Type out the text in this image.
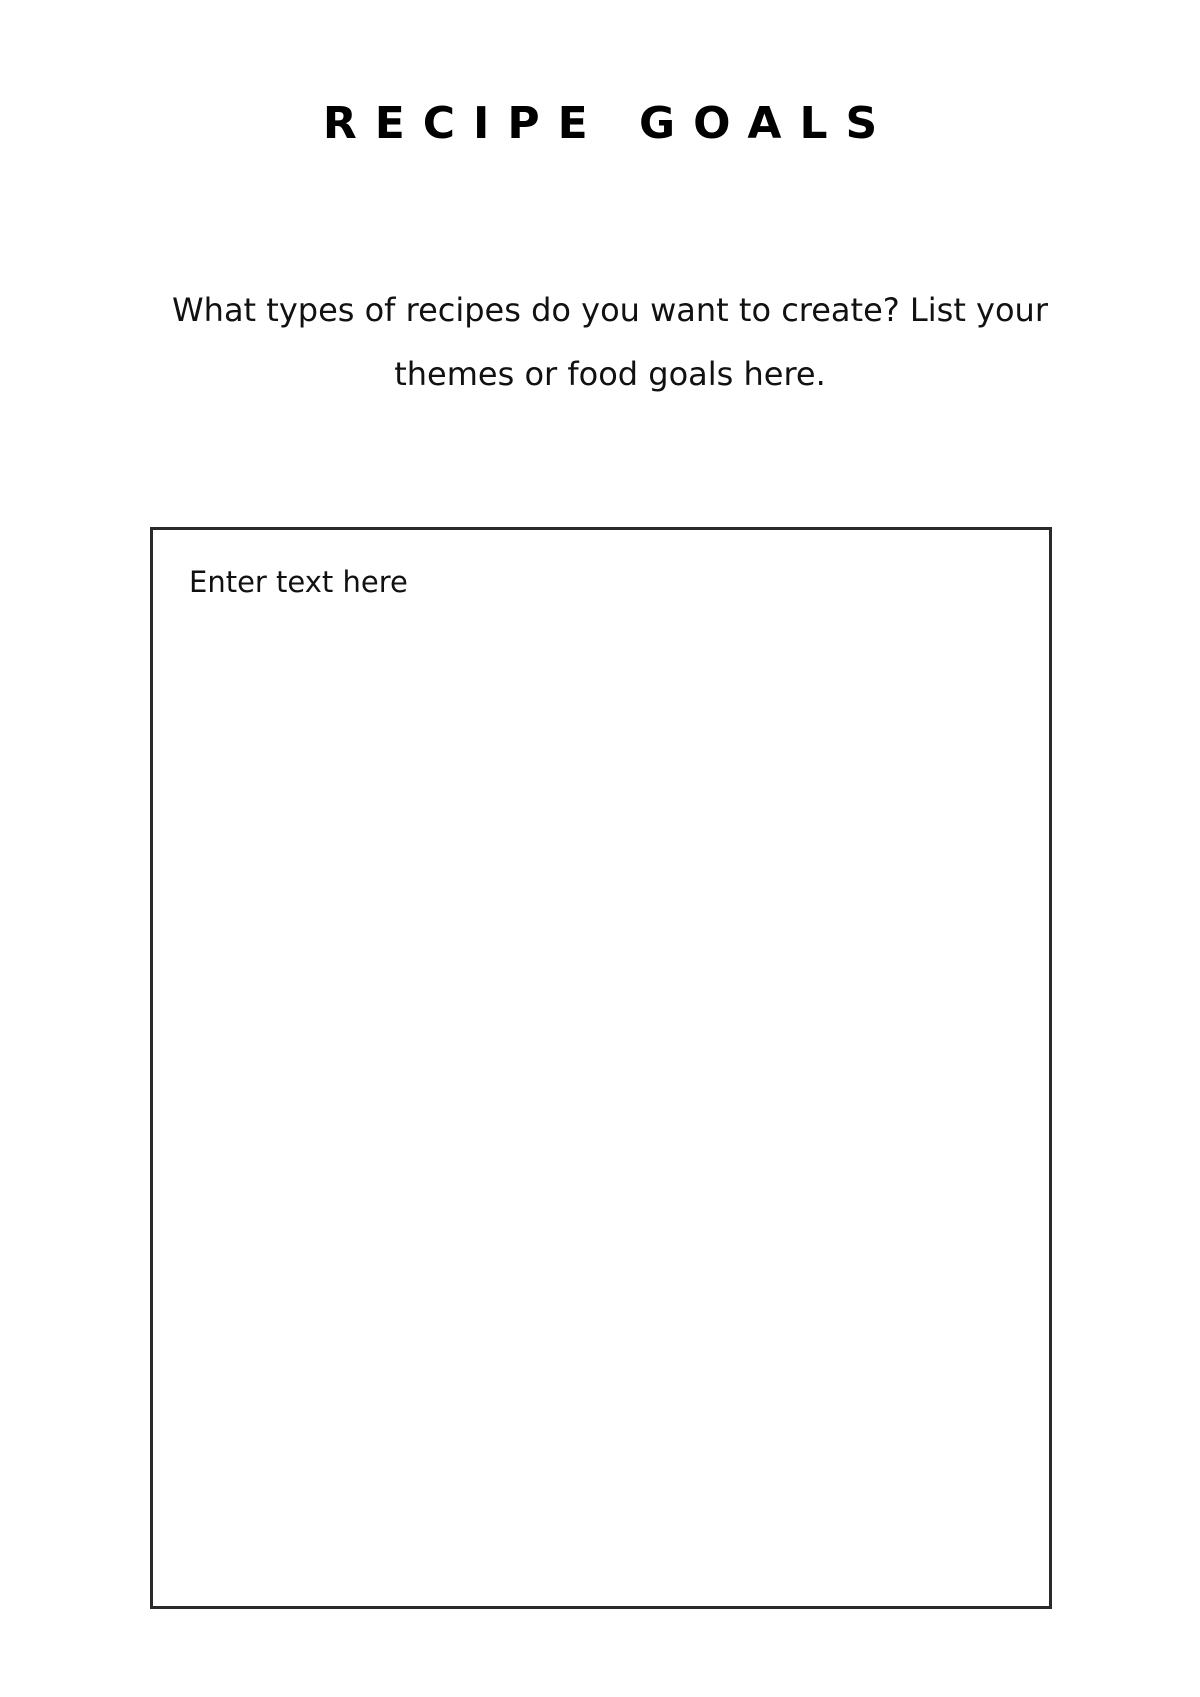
RECIPE GOALS
What types of recipes do you want to create? List your themes or food goals here.
Enter text here
